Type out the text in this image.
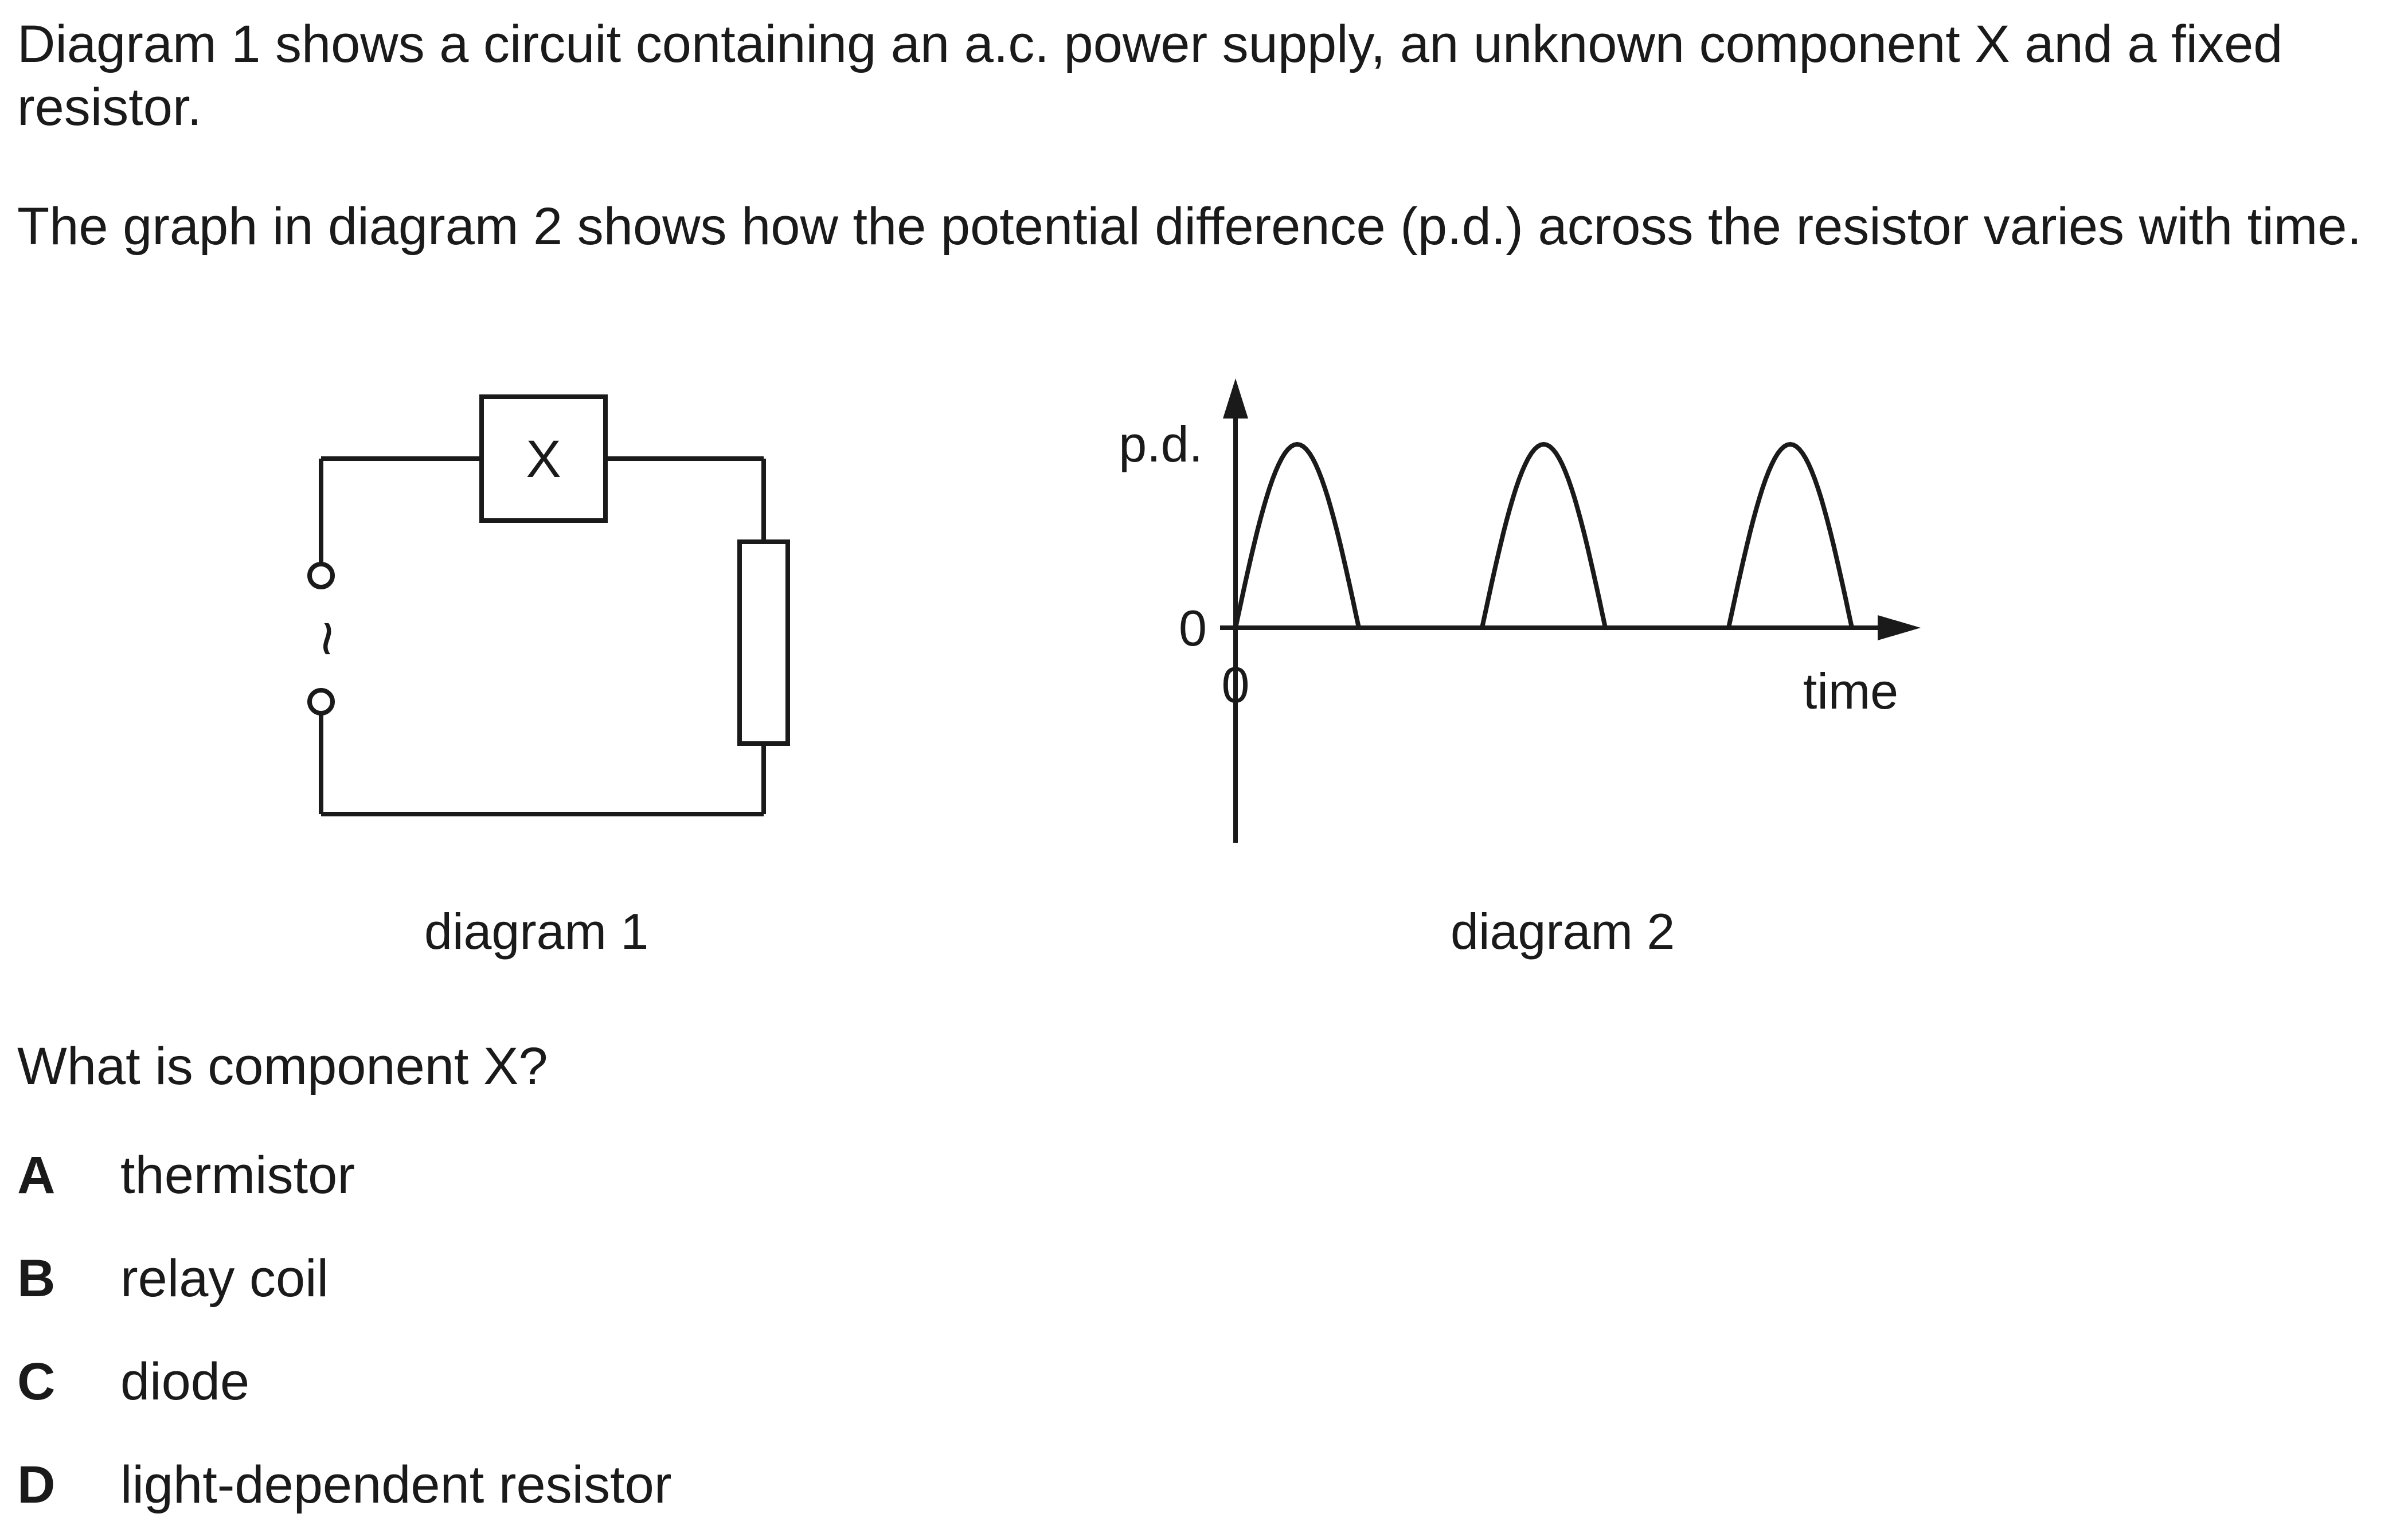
Diagram 1 shows a circuit containing an a.c. power supply, an unknown component X and a fixed resistor.

The graph in diagram 2 shows how the potential difference (p.d.) across the resistor varies with time.

X
~
p.d.
0
0	time
diagram 1	diagram 2
What is component X?
A thermistor
B relay coil
C diode
D light-dependent resistor
